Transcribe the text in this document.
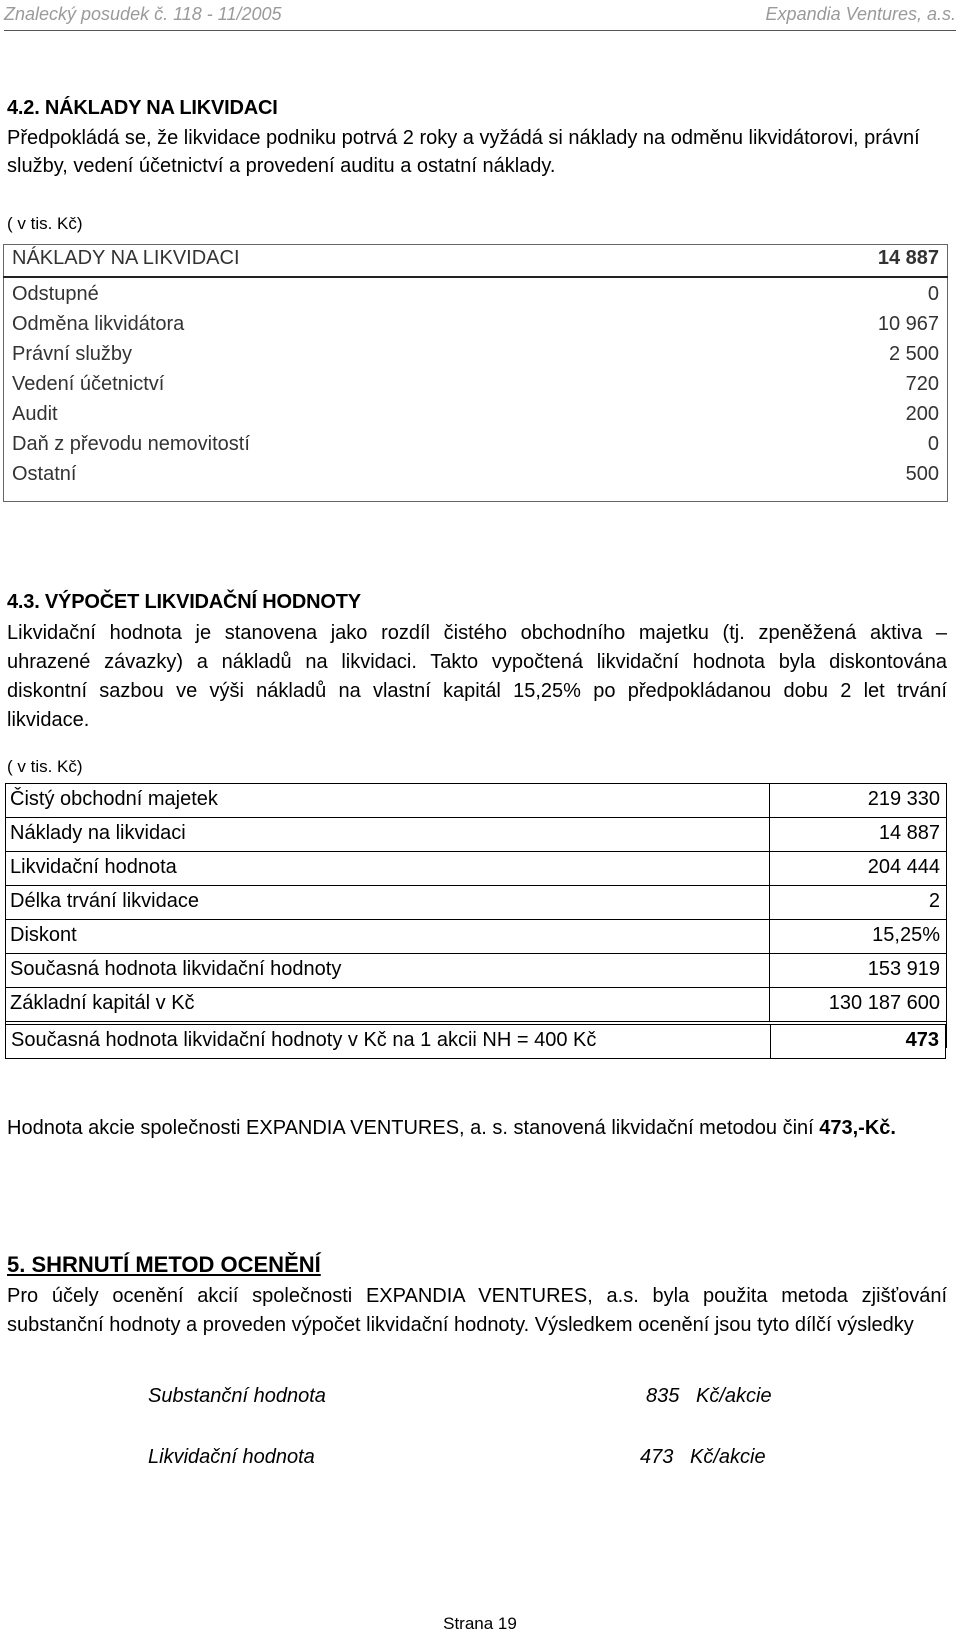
Znalecký posudek č. 118 - 11/2005	Expandia Ventures, a.s.
4.2. NÁKLADY NA LIKVIDACI
Předpokládá se, že likvidace podniku potrvá 2 roky a vyžádá si náklady na odměnu likvidátorovi, právní
služby, vedení účetnictví a provedení auditu a ostatní náklady.
( v tis. Kč)
NÁKLADY NA LIKVIDACI	14 887
Odstupné	0
Odměna likvidátora	10 967
Právní služby	2 500
Vedení účetnictví	720
Audit	200
Daň z převodu nemovitostí	0
Ostatní	500
4.3. VÝPOČET LIKVIDAČNÍ HODNOTY
Likvidační hodnota je stanovena jako rozdíl čistého obchodního majetku (tj. zpeněžená aktiva –
uhrazené závazky) a nákladů na likvidaci. Takto vypočtená likvidační hodnota byla diskontována
diskontní sazbou ve výši nákladů na vlastní kapitál 15,25% po předpokládanou dobu 2 let trvání
likvidace.
( v tis. Kč)
Čistý obchodní majetek	219 330
Náklady na likvidaci	14 887
Likvidační hodnota	204 444
Délka trvání likvidace	2
Diskont	15,25%
Současná hodnota likvidační hodnoty	153 919
Základní kapitál v Kč	130 187 600
Současná hodnota likvidační hodnoty v Kč na 1 akcii NH = 400 Kč	473
Hodnota akcie společnosti EXPANDIA VENTURES, a. s. stanovená likvidační metodou činí 473,-Kč.
5. SHRNUTÍ METOD OCENĚNÍ
Pro účely ocenění akcií společnosti EXPANDIA VENTURES, a.s. byla použita metoda zjišťování
substanční hodnoty a proveden výpočet likvidační hodnoty. Výsledkem ocenění jsou tyto dílčí výsledky
Substanční hodnota	835 Kč/akcie
Likvidační hodnota	473 Kč/akcie
Strana 19
